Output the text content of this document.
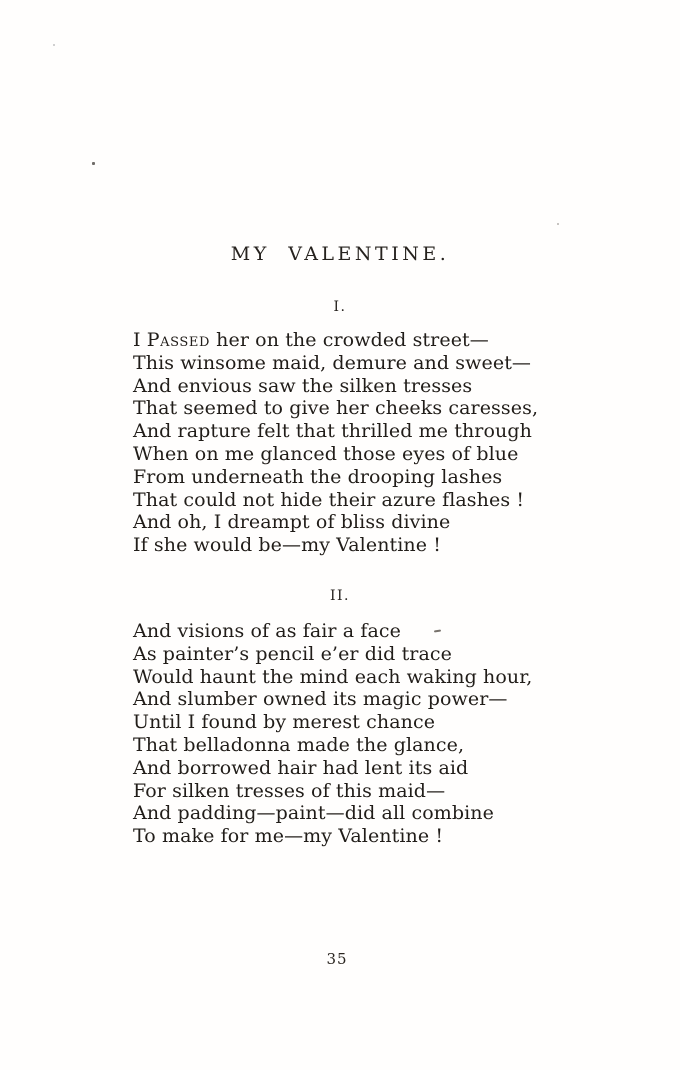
MY VALENTINE.
I.
I Passed her on the crowded street—
This winsome maid, demure and sweet—
And envious saw the silken tresses
That seemed to give her cheeks caresses,
And rapture felt that thrilled me through
When on me glanced those eyes of blue
From underneath the drooping lashes
That could not hide their azure flashes !
And oh, I dreampt of bliss divine
If she would be—my Valentine !
II.
And visions of as fair a face
As painter’s pencil e’er did trace
Would haunt the mind each waking hour,
And slumber owned its magic power—
Until I found by merest chance
That belladonna made the glance,
And borrowed hair had lent its aid
For silken tresses of this maid—
And padding—paint—did all combine
To make for me—my Valentine !
35
